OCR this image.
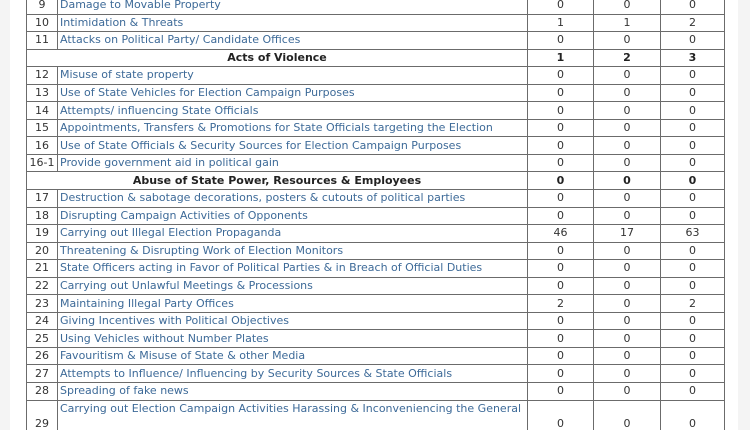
9	Damage to Movable Property	0	0	0
10	Intimidation & Threats	1	1	2
11	Attacks on Political Party/ Candidate Offices	0	0	0
Acts of Violence		1	2	3
12	Misuse of state property	0	0	0
13	Use of State Vehicles for Election Campaign Purposes	0	0	0
14	Attempts/ influencing State Officials	0	0	0
15	Appointments, Transfers & Promotions for State Officials targeting the Election	0	0	0
16	Use of State Officials & Security Sources for Election Campaign Purposes	0	0	0
16-1	Provide government aid in political gain	0	0	0
Abuse of State Power, Resources & Employees		0	0	0
17	Destruction & sabotage decorations, posters & cutouts of political parties	0	0	0
18	Disrupting Campaign Activities of Opponents	0	0	0
19	Carrying out Illegal Election Propaganda	46	17	63
20	Threatening & Disrupting Work of Election Monitors	0	0	0
21	State Officers acting in Favor of Political Parties & in Breach of Official Duties	0	0	0
22	Carrying out Unlawful Meetings & Processions	0	0	0
23	Maintaining Illegal Party Offices	2	0	2
24	Giving Incentives with Political Objectives	0	0	0
25	Using Vehicles without Number Plates	0	0	0
26	Favouritism & Misuse of State & other Media	0	0	0
27	Attempts to Influence/ Influencing by Security Sources & State Officials	0	0	0
28	Spreading of fake news	0	0	0
29	Carrying out Election Campaign Activities Harassing & Inconveniencing the General	0	0	0
